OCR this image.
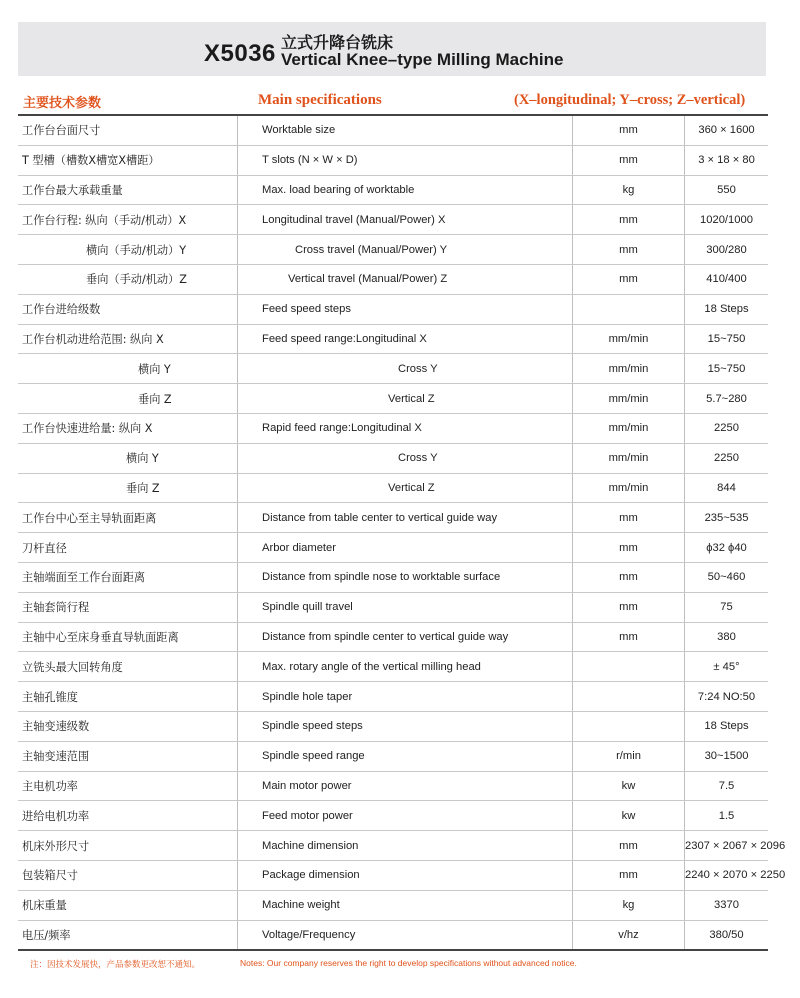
X5036 立式升降台铣床
Vertical Knee–type Milling Machine
主要技术参数	Main specifications	(X–longitudinal; Y–cross; Z–vertical)
工作台台面尺寸	Worktable size	mm	360 × 1600
T 型槽（槽数X槽宽X槽距）	T slots (N × W × D)	mm	3 × 18 × 80
工作台最大承载重量	Max. load bearing of worktable	kg	550
工作台行程: 纵向（手动/机动）X	Longitudinal travel (Manual/Power) X	mm	1020/1000
横向（手动/机动）Y	Cross travel (Manual/Power) Y	mm	300/280
垂向（手动/机动）Z	Vertical travel (Manual/Power) Z	mm	410/400
工作台进给级数	Feed speed steps		18 Steps
工作台机动进给范围: 纵向 X	Feed speed range:Longitudinal X	mm/min	15~750
横向 Y	Cross Y	mm/min	15~750
垂向 Z	Vertical Z	mm/min	5.7~280
工作台快速进给量: 纵向 X	Rapid feed range:Longitudinal X	mm/min	2250
横向 Y	Cross Y	mm/min	2250
垂向 Z	Vertical Z	mm/min	844
工作台中心至主导轨面距离	Distance from table center to vertical guide way	mm	235~535
刀杆直径	Arbor diameter	mm	ϕ32 ϕ40
主轴端面至工作台面距离	Distance from spindle nose to worktable surface	mm	50~460
主轴套筒行程	Spindle quill travel	mm	75
主轴中心至床身垂直导轨面距离	Distance from spindle center to vertical guide way	mm	380
立铣头最大回转角度	Max. rotary angle of the vertical milling head		± 45°
主轴孔锥度	Spindle hole taper		7:24 NO:50
主轴变速级数	Spindle speed steps		18 Steps
主轴变速范围	Spindle speed range	r/min	30~1500
主电机功率	Main motor power	kw	7.5
进给电机功率	Feed motor power	kw	1.5
机床外形尺寸	Machine dimension	mm	2307 × 2067 × 2096
包装箱尺寸	Package dimension	mm	2240 × 2070 × 2250
机床重量	Machine weight	kg	3370
电压/频率	Voltage/Frequency	v/hz	380/50
注：因技术发展快，产品参数更改恕不通知。	Notes: Our company reserves the right to develop specifications without advanced notice.
